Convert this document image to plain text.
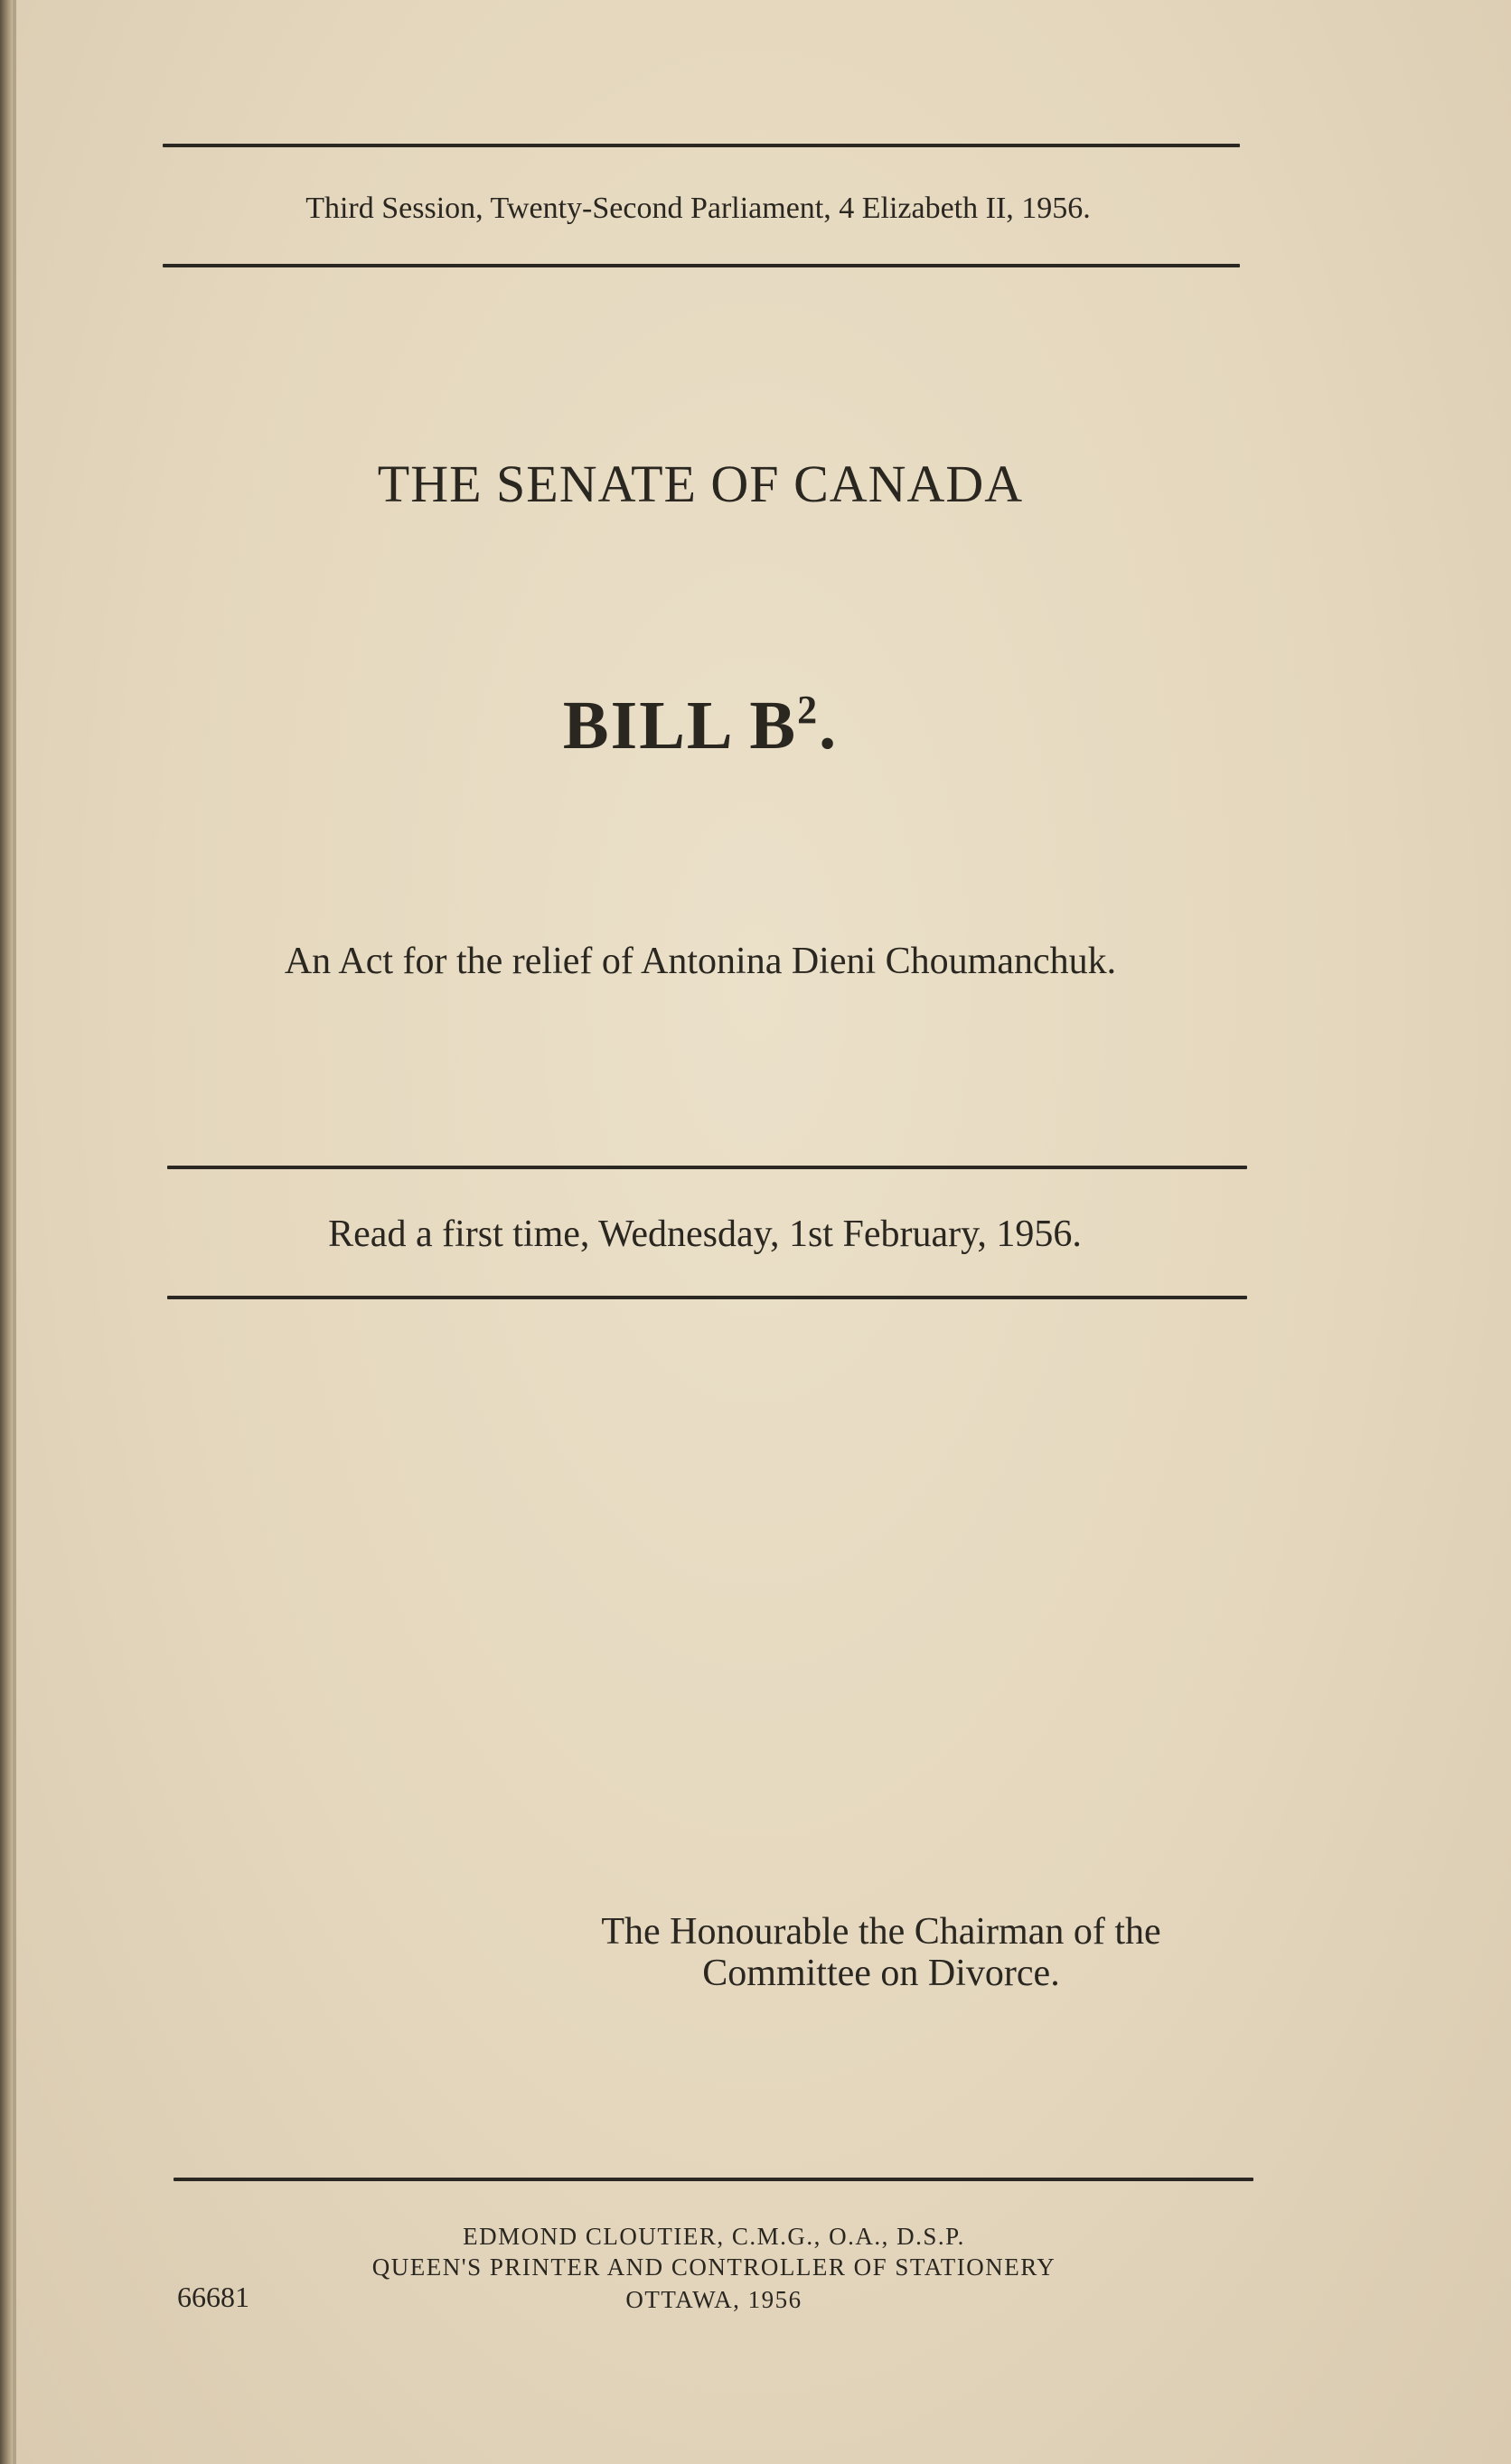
Third Session, Twenty-Second Parliament, 4 Elizabeth II, 1956.
THE SENATE OF CANADA
BILL $B^2$.
An Act for the relief of Antonina Dieni Choumanchuk.
Read a first time, Wednesday, 1st February, 1956.
The Honourable the Chairman of the
Committee on Divorce.
EDMOND CLOUTIER, C.M.G., O.A., D.S.P.
QUEEN'S PRINTER AND CONTROLLER OF STATIONERY
OTTAWA, 1956
66681
